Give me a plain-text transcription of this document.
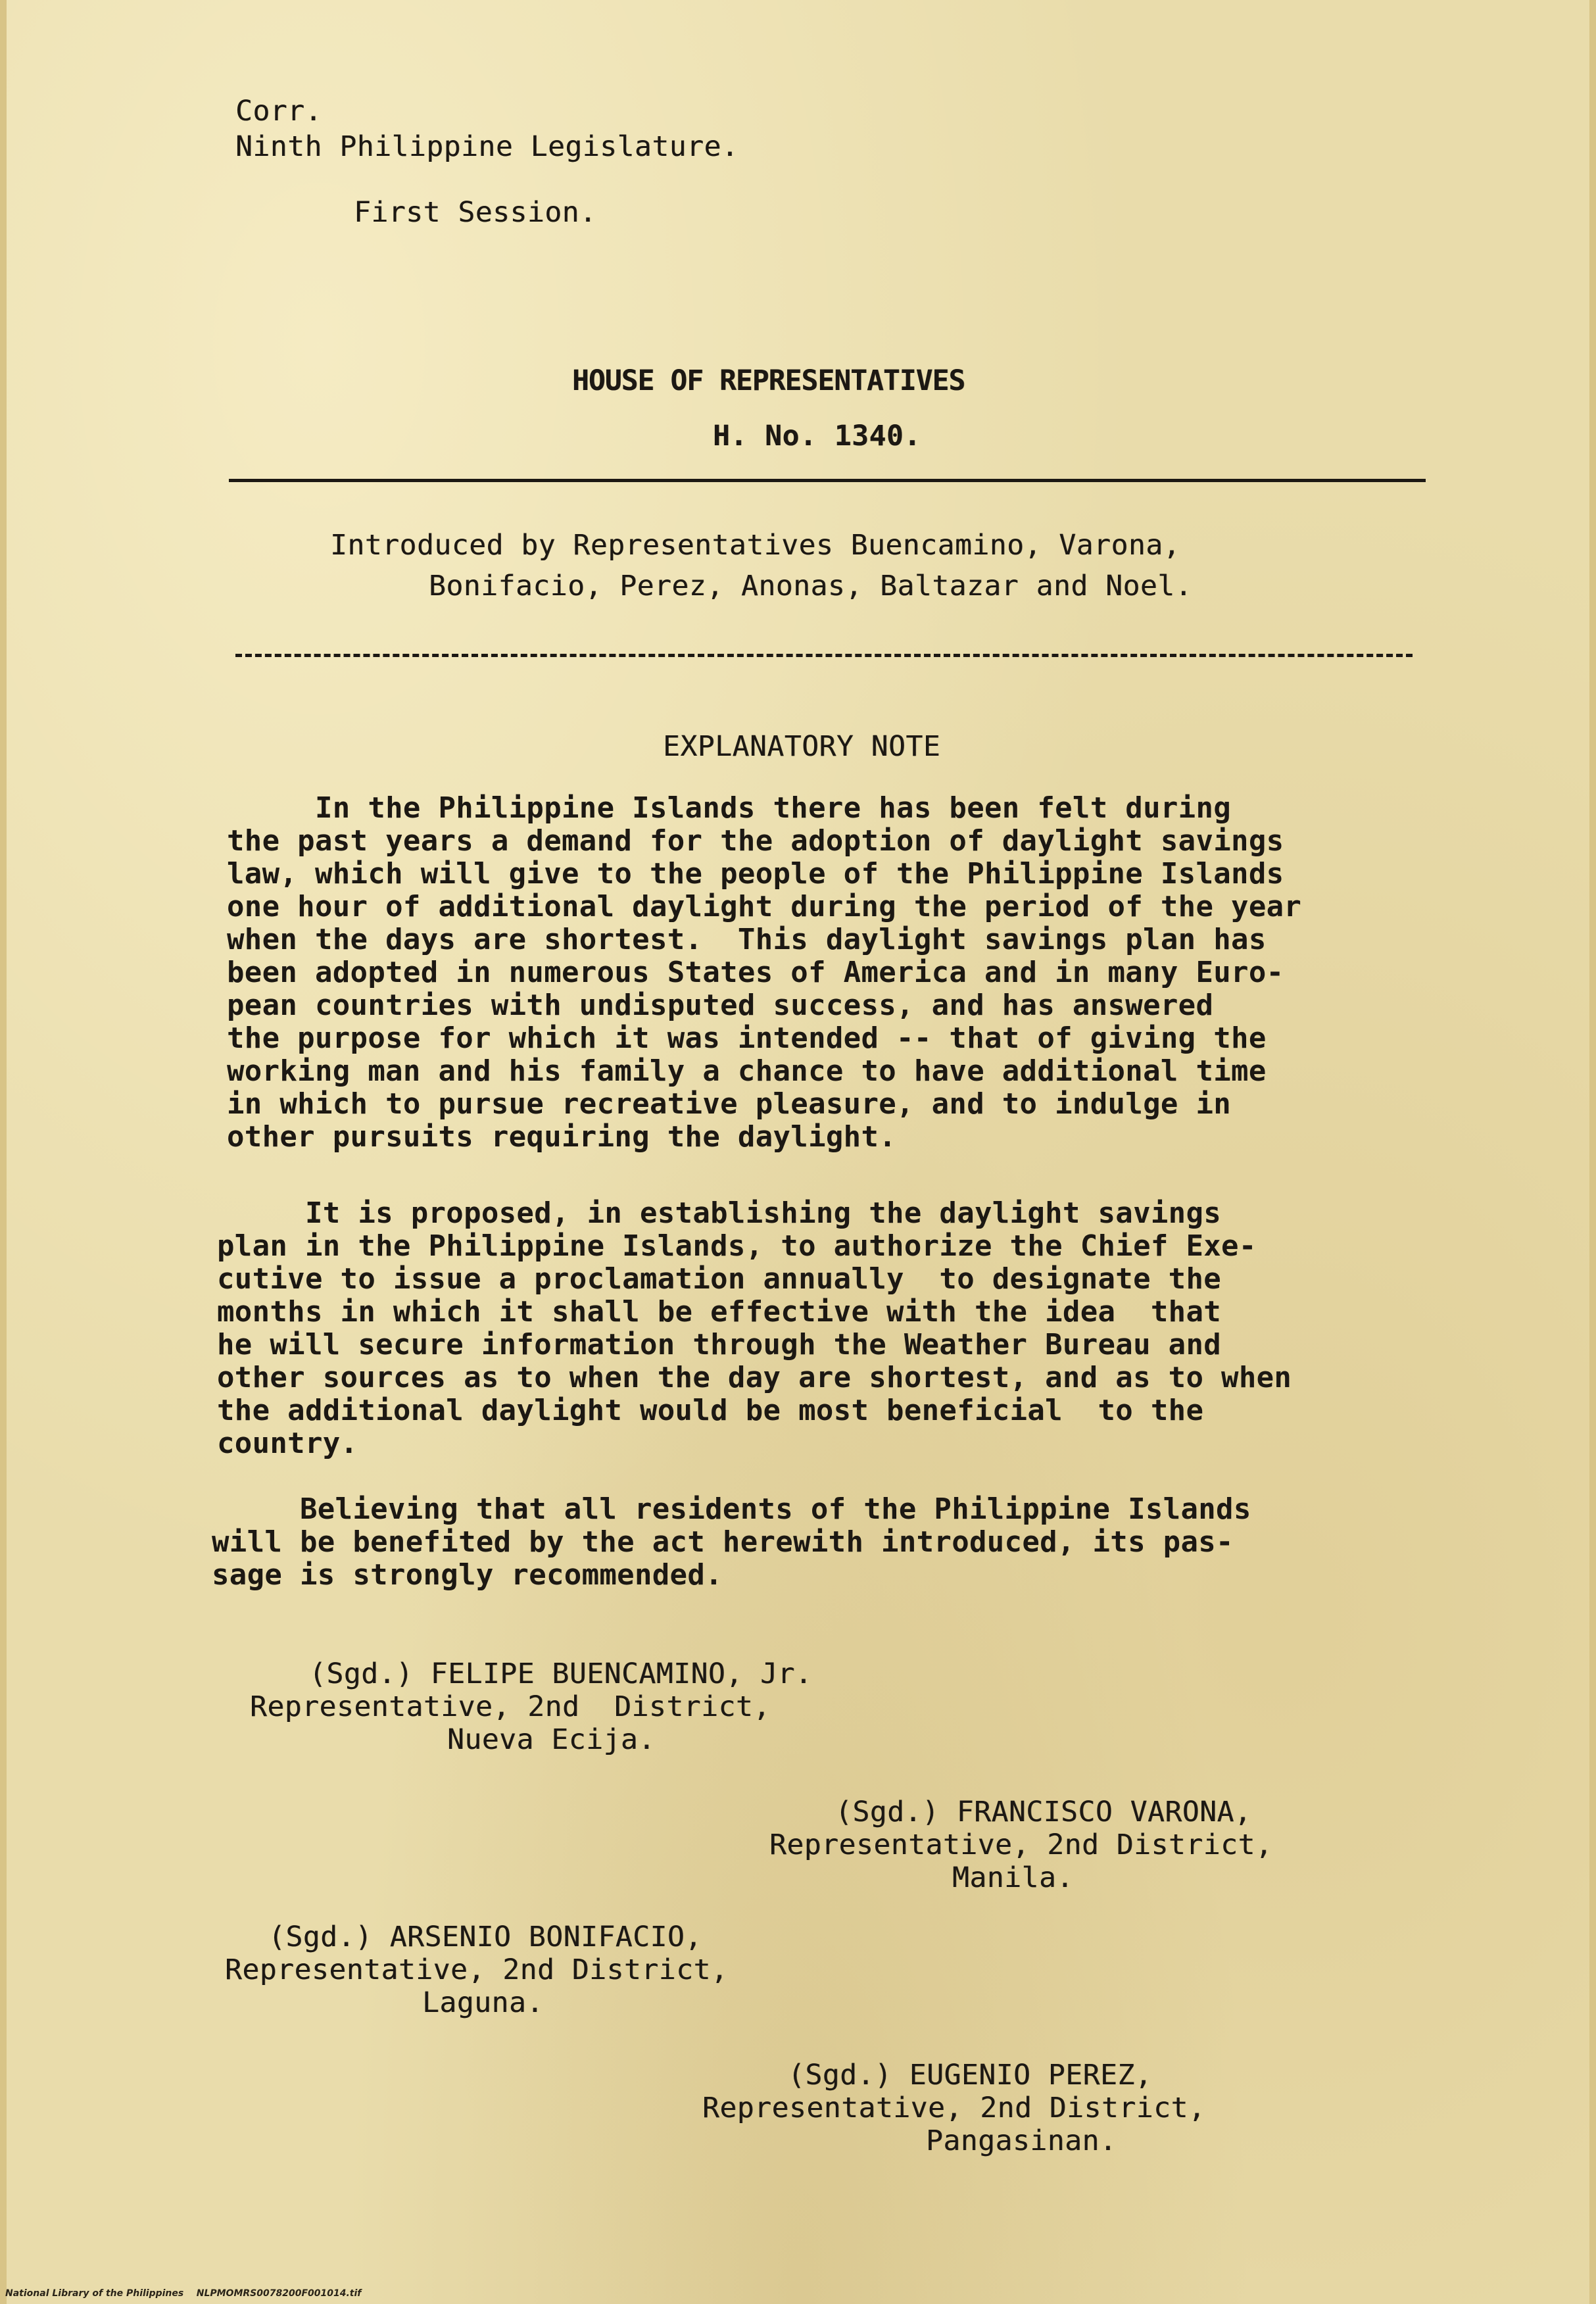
Corr.
Ninth Philippine Legislature.
First Session.
HOUSE OF REPRESENTATIVES
H. No. 1340.
Introduced by Representatives Buencamino, Varona,
Bonifacio, Perez, Anonas, Baltazar and Noel.
EXPLANATORY NOTE
In the Philippine Islands there has been felt during
the past years a demand for the adoption of daylight savings
law, which will give to the people of the Philippine Islands
one hour of additional daylight during the period of the year
when the days are shortest.  This daylight savings plan has
been adopted in numerous States of America and in many Euro-
pean countries with undisputed success, and has answered
the purpose for which it was intended -- that of giving the
working man and his family a chance to have additional time
in which to pursue recreative pleasure, and to indulge in
other pursuits requiring the daylight.
It is proposed, in establishing the daylight savings
plan in the Philippine Islands, to authorize the Chief Exe-
cutive to issue a proclamation annually  to designate the
months in which it shall be effective with the idea  that
he will secure information through the Weather Bureau and
other sources as to when the day are shortest, and as to when
the additional daylight would be most beneficial  to the
country.
Believing that all residents of the Philippine Islands
will be benefited by the act herewith introduced, its pas-
sage is strongly recommended.
(Sgd.) FELIPE BUENCAMINO, Jr.
Representative, 2nd  District,
Nueva Ecija.
(Sgd.) FRANCISCO VARONA,
Representative, 2nd District,
Manila.
(Sgd.) ARSENIO BONIFACIO,
Representative, 2nd District,
Laguna.
(Sgd.) EUGENIO PEREZ,
Representative, 2nd District,
Pangasinan.
National Library of the Philippines    NLPMOMRS0078200F001014.tif
